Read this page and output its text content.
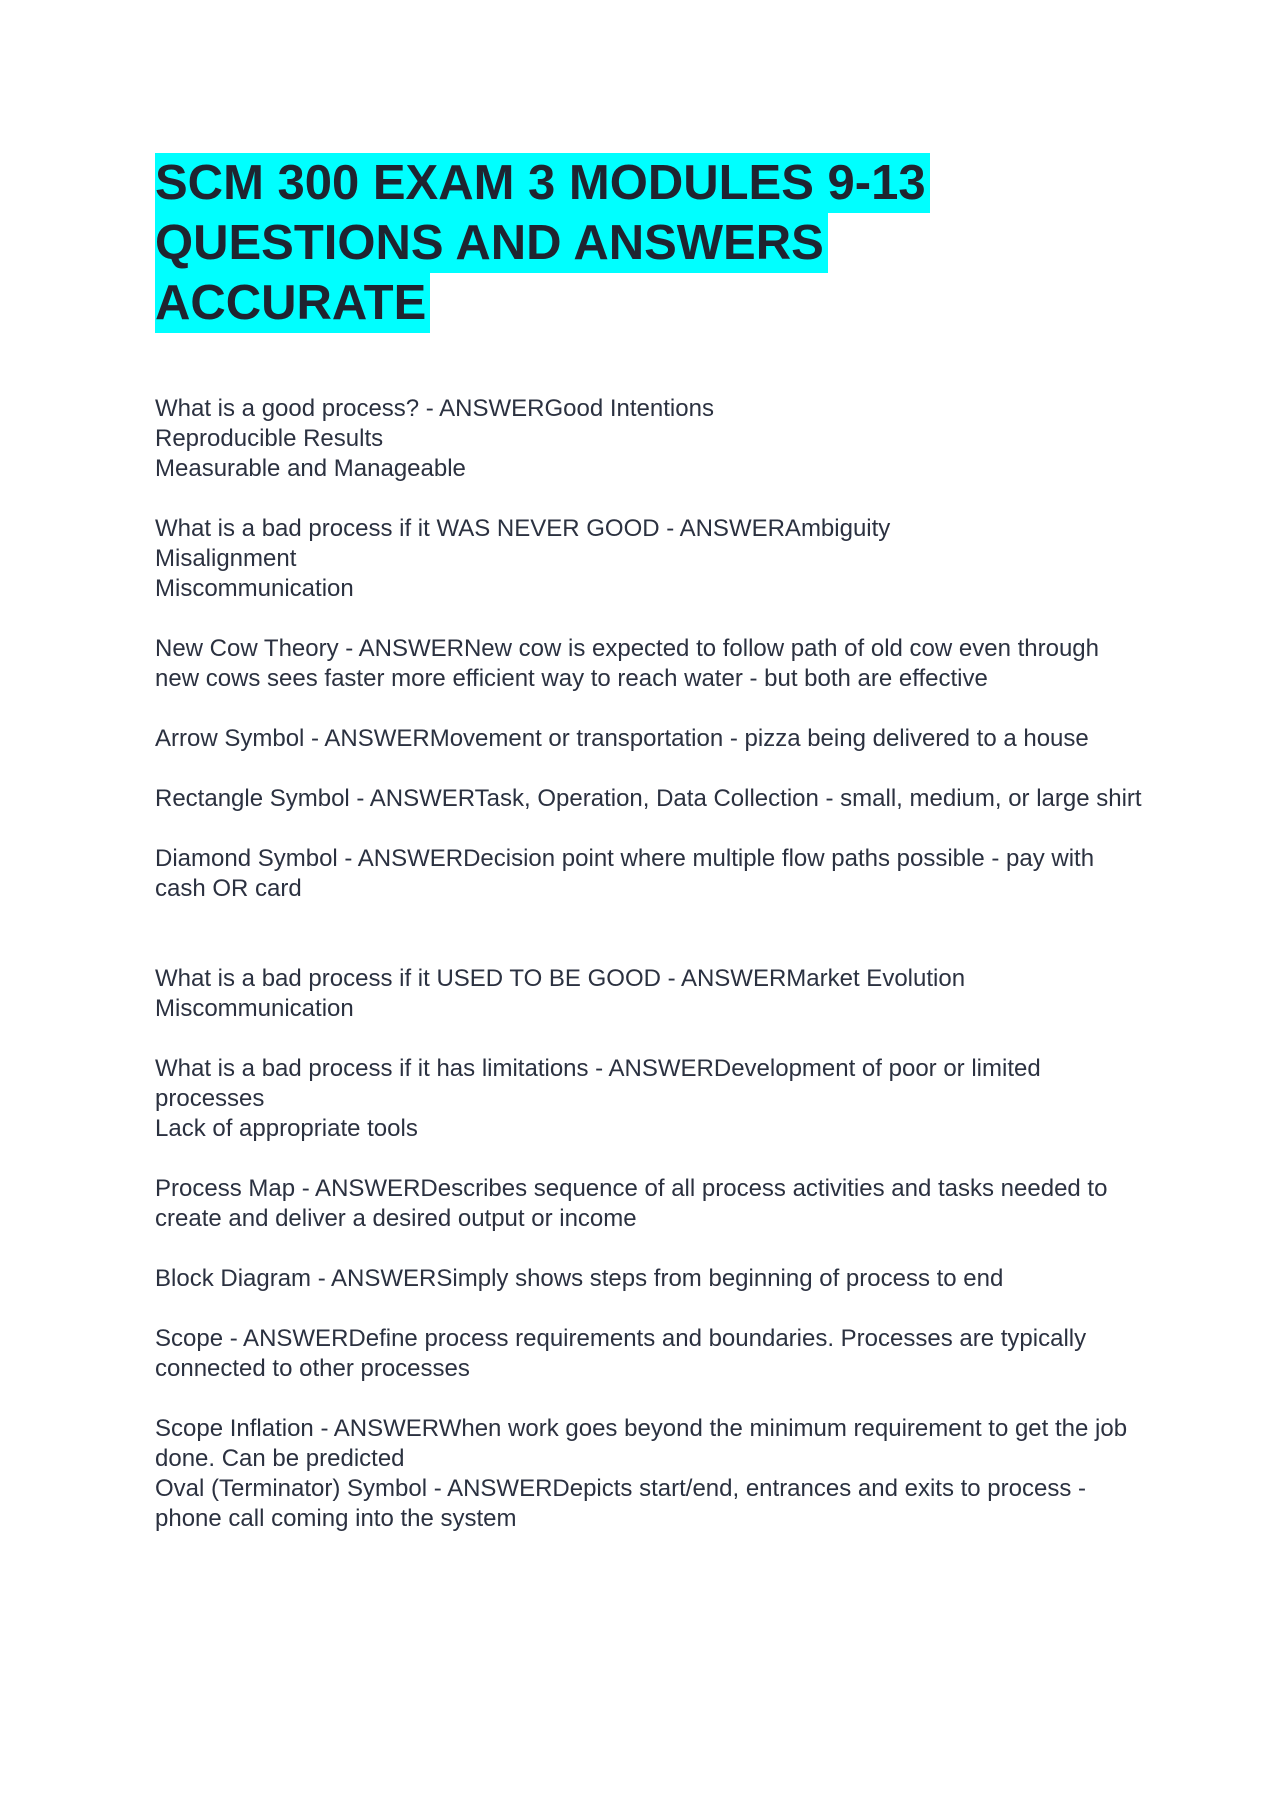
SCM 300 EXAM 3 MODULES 9-13
QUESTIONS AND ANSWERS
ACCURATE
What is a good process? - ANSWERGood Intentions
Reproducible Results
Measurable and Manageable
What is a bad process if it WAS NEVER GOOD - ANSWERAmbiguity
Misalignment
Miscommunication
New Cow Theory - ANSWERNew cow is expected to follow path of old cow even through new cows sees faster more efficient way to reach water - but both are effective
Arrow Symbol - ANSWERMovement or transportation - pizza being delivered to a house
Rectangle Symbol - ANSWERTask, Operation, Data Collection - small, medium, or large shirt
Diamond Symbol - ANSWERDecision point where multiple flow paths possible - pay with cash OR card
What is a bad process if it USED TO BE GOOD - ANSWERMarket Evolution
Miscommunication
What is a bad process if it has limitations - ANSWERDevelopment of poor or limited processes
Lack of appropriate tools
Process Map - ANSWERDescribes sequence of all process activities and tasks needed to create and deliver a desired output or income
Block Diagram - ANSWERSimply shows steps from beginning of process to end
Scope - ANSWERDefine process requirements and boundaries. Processes are typically connected to other processes
Scope Inflation - ANSWERWhen work goes beyond the minimum requirement to get the job done. Can be predicted
Oval (Terminator) Symbol - ANSWERDepicts start/end, entrances and exits to process - phone call coming into the system
